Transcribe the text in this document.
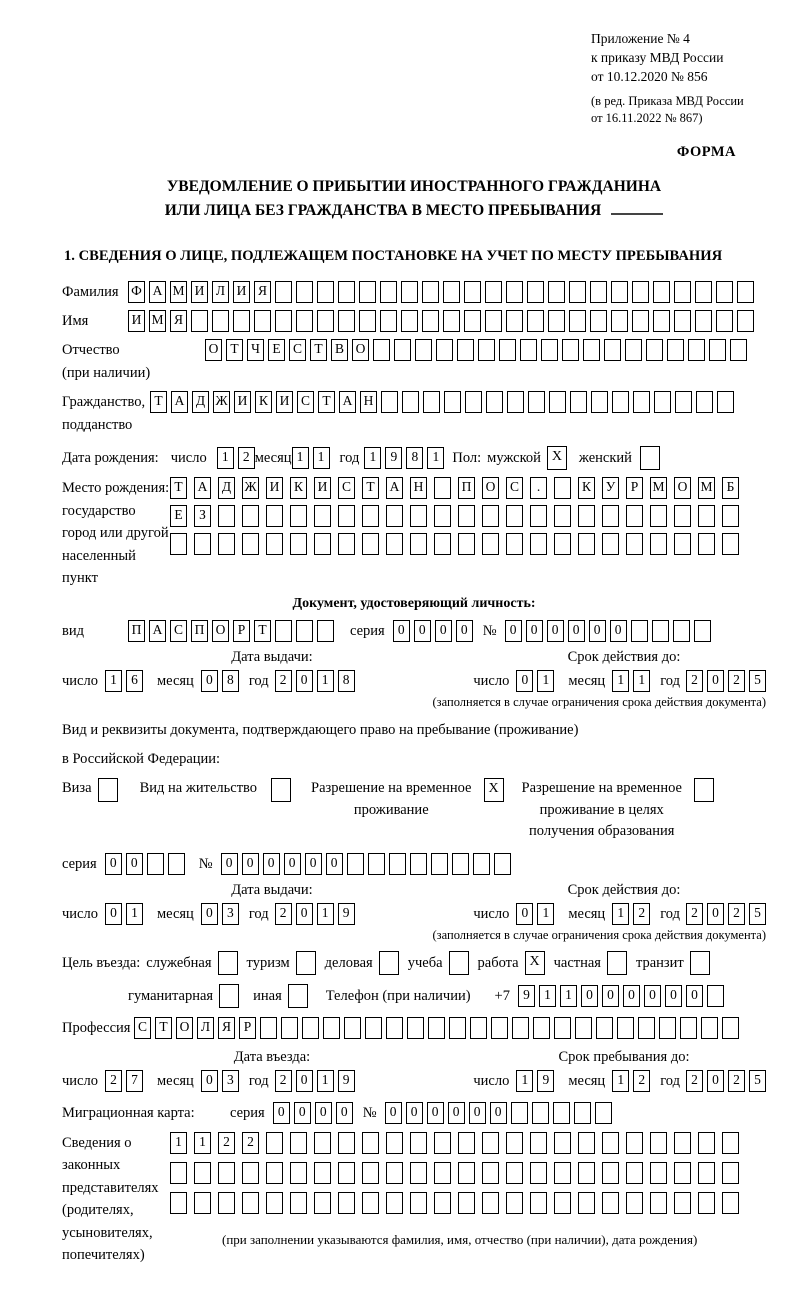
Приложение № 4
к приказу МВД России
от 10.12.2020 № 856
(в ред. Приказа МВД России
от 16.11.2022 № 867)
ФОРМА
УВЕДОМЛЕНИЕ О ПРИБЫТИИ ИНОСТРАННОГО ГРАЖДАНИНА
ИЛИ ЛИЦА БЕЗ ГРАЖДАНСТВА В МЕСТО ПРЕБЫВАНИЯ
1. СВЕДЕНИЯ О ЛИЦЕ, ПОДЛЕЖАЩЕМ ПОСТАНОВКЕ НА УЧЕТ ПО МЕСТУ ПРЕБЫВАНИЯ
Фамилия Ф А М И Л И Я
Имя	И М Я
Отчество
(при наличии)
О Т Ч Е С Т В О
Гражданство,
подданство
Т А Д Ж И К И С Т А Н
Дата рождения: число	1	2 месяц 1	1	год 1	9	8	1 Пол: мужской X	женский
Место рождения:
государство
город или другой
населенный пункт
Т	А Д Ж И К И С	Т	А Н	П О С	.	К У	Р	М О М	Б
Е	З
Документ, удостоверяющий личность:
вид	П А С П О Р Т	серия 0	0	0	0	№ 0	0	0	0	0	0
Дата выдачи:	Срок действия до:
число 1	6	месяц 0	8	год 2	0	1	8	число 0	1	месяц 1	1	год 2	0	2	5
(заполняется в случае ограничения срока действия документа)
Вид и реквизиты документа, подтверждающего право на пребывание (проживание)
в Российской Федерации:
Виза	Вид на жительство	Разрешение на временное
проживание
X	Разрешение на временное
проживание в целях
получения образования
серия 0	0	№ 0	0	0	0	0	0
Дата выдачи:	Срок действия до:
число 0	1	месяц 0	3	год 2	0	1	9	число 0	1	месяц 1	2	год 2	0	2	5
(заполняется в случае ограничения срока действия документа)
Цель въезда: служебная туризм деловая учеба работа X частная транзит
гуманитарная	иная	Телефон (при наличии) +7 9	1	1	0	0	0	0	0	0
Профессия С Т О Л Я Р
Дата въезда:	Срок пребывания до:
число 2	7	месяц 0	3	год 2	0	1	9	число 1	9	месяц 1	2	год 2	0	2	5
Миграционная карта:	серия 0	0	0	0	№ 0	0	0	0	0	0
Сведения о
законных
представителях
(родителях,
усыновителях,
попечителях)
1	1	2	2
(при заполнении указываются фамилия, имя, отчество (при наличии), дата рождения)
